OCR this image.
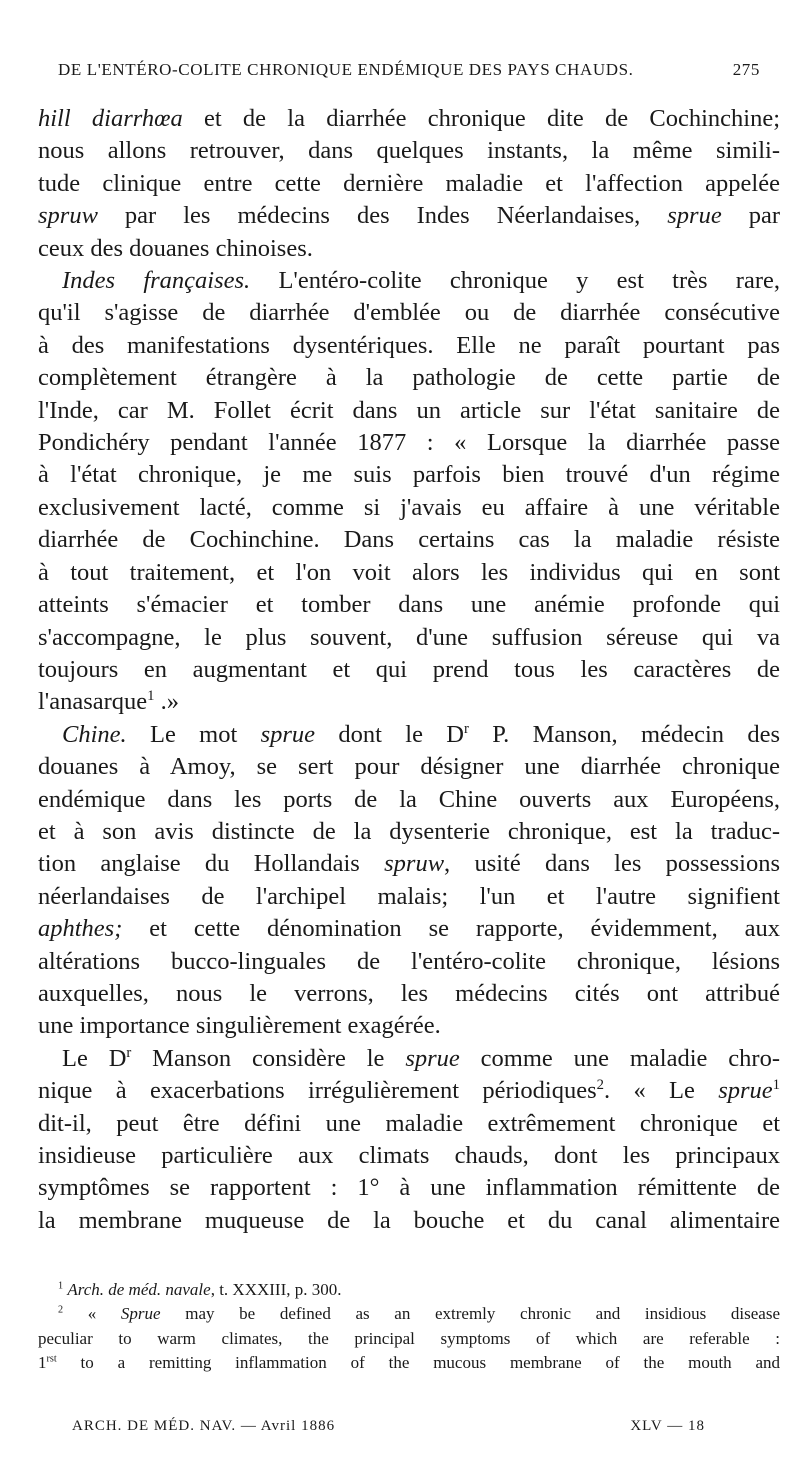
DE L'ENTÉRO-COLITE CHRONIQUE ENDÉMIQUE DES PAYS CHAUDS.	275
hill diarrhœa et de la diarrhée chronique dite de Cochinchine;
nous allons retrouver, dans quelques instants, la même simili-
tude clinique entre cette dernière maladie et l'affection appelée
spruw par les médecins des Indes Néerlandaises, sprue par
ceux des douanes chinoises.
Indes françaises. L'entéro-colite chronique y est très rare,
qu'il s'agisse de diarrhée d'emblée ou de diarrhée consécutive
à des manifestations dysentériques. Elle ne paraît pourtant pas
complètement étrangère à la pathologie de cette partie de
l'Inde, car M. Follet écrit dans un article sur l'état sanitaire de
Pondichéry pendant l'année 1877 : « Lorsque la diarrhée passe
à l'état chronique, je me suis parfois bien trouvé d'un régime
exclusivement lacté, comme si j'avais eu affaire à une véritable
diarrhée de Cochinchine. Dans certains cas la maladie résiste
à tout traitement, et l'on voit alors les individus qui en sont
atteints s'émacier et tomber dans une anémie profonde qui
s'accompagne, le plus souvent, d'une suffusion séreuse qui va
toujours en augmentant et qui prend tous les caractères de
l'anasarque$^1$ .»
Chine. Le mot sprue dont le $D^r$ P. Manson, médecin des
douanes à Amoy, se sert pour désigner une diarrhée chronique
endémique dans les ports de la Chine ouverts aux Européens,
et à son avis distincte de la dysenterie chronique, est la traduc-
tion anglaise du Hollandais spruw, usité dans les possessions
néerlandaises de l'archipel malais; l'un et l'autre signifient
aphthes; et cette dénomination se rapporte, évidemment, aux
altérations bucco-linguales de l'entéro-colite chronique, lésions
auxquelles, nous le verrons, les médecins cités ont attribué
une importance singulièrement exagérée.
Le $D^r$ Manson considère le sprue comme une maladie chro-
nique à exacerbations irrégulièrement périodiques$^2$. « Le sprue$^1$
dit-il, peut être défini une maladie extrêmement chronique et
insidieuse particulière aux climats chauds, dont les principaux
symptômes se rapportent : 1° à une inflammation rémittente de
la membrane muqueuse de la bouche et du canal alimentaire
$^1$ Arch. de méd. navale, t. XXXIII, p. 300.
$^2$ « Sprue may be defined as an extremly chronic and insidious disease
peculiar to warm climates, the principal symptoms of which are referable :
$1^{rst}$ to a remitting inflammation of the mucous membrane of the mouth and
ARCH. DE MÉD. NAV. — Avril 1886	XLV — 18
